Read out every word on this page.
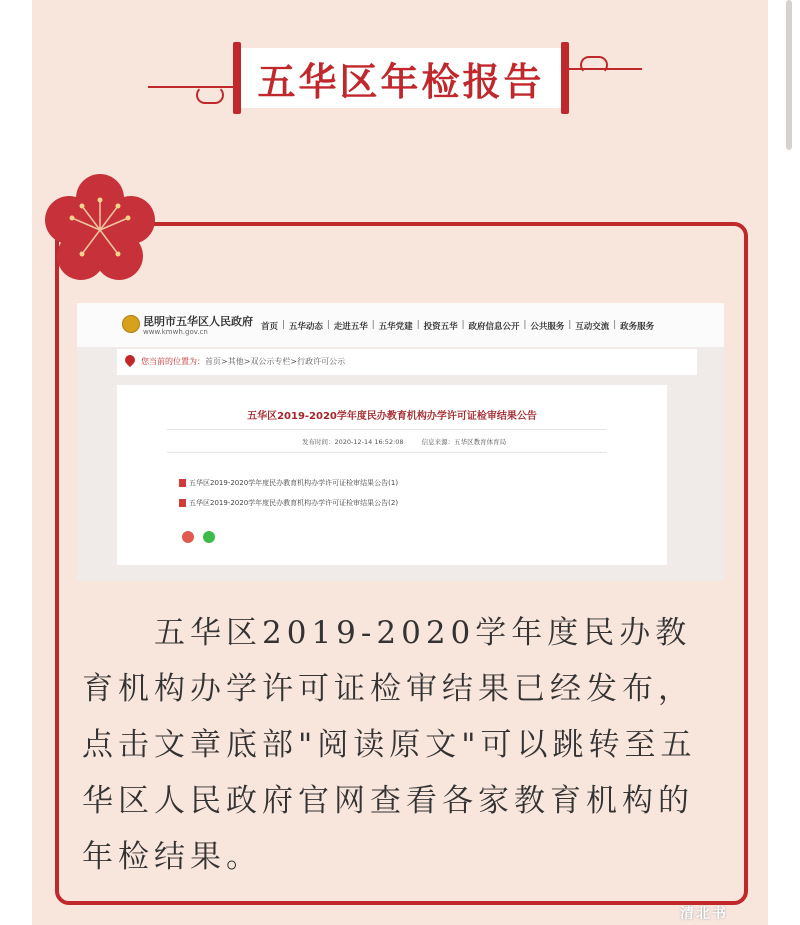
五华区年检报告
昆明市五华区人民政府
www.kmwh.gov.cn	首页 | 五华动态 | 走进五华 | 五华党建 | 投资五华 | 政府信息公开 | 公共服务 | 互动交流 | 政务服务
您当前的位置为：首页>其他>双公示专栏>行政许可公示
五华区2019-2020学年度民办教育机构办学许可证检审结果公告
发布时间：2020-12-14 16:52:08	信息来源：五华区教育体育局
五华区2019-2020学年度民办教育机构办学许可证检审结果公告(1)
五华区2019-2020学年度民办教育机构办学许可证检审结果公告(2)
五华区2019-2020学年度民办教育机构办学许可证检审结果已经发布，点击文章底部"阅读原文"可以跳转至五华区人民政府官网查看各家教育机构的年检结果。
清北书
